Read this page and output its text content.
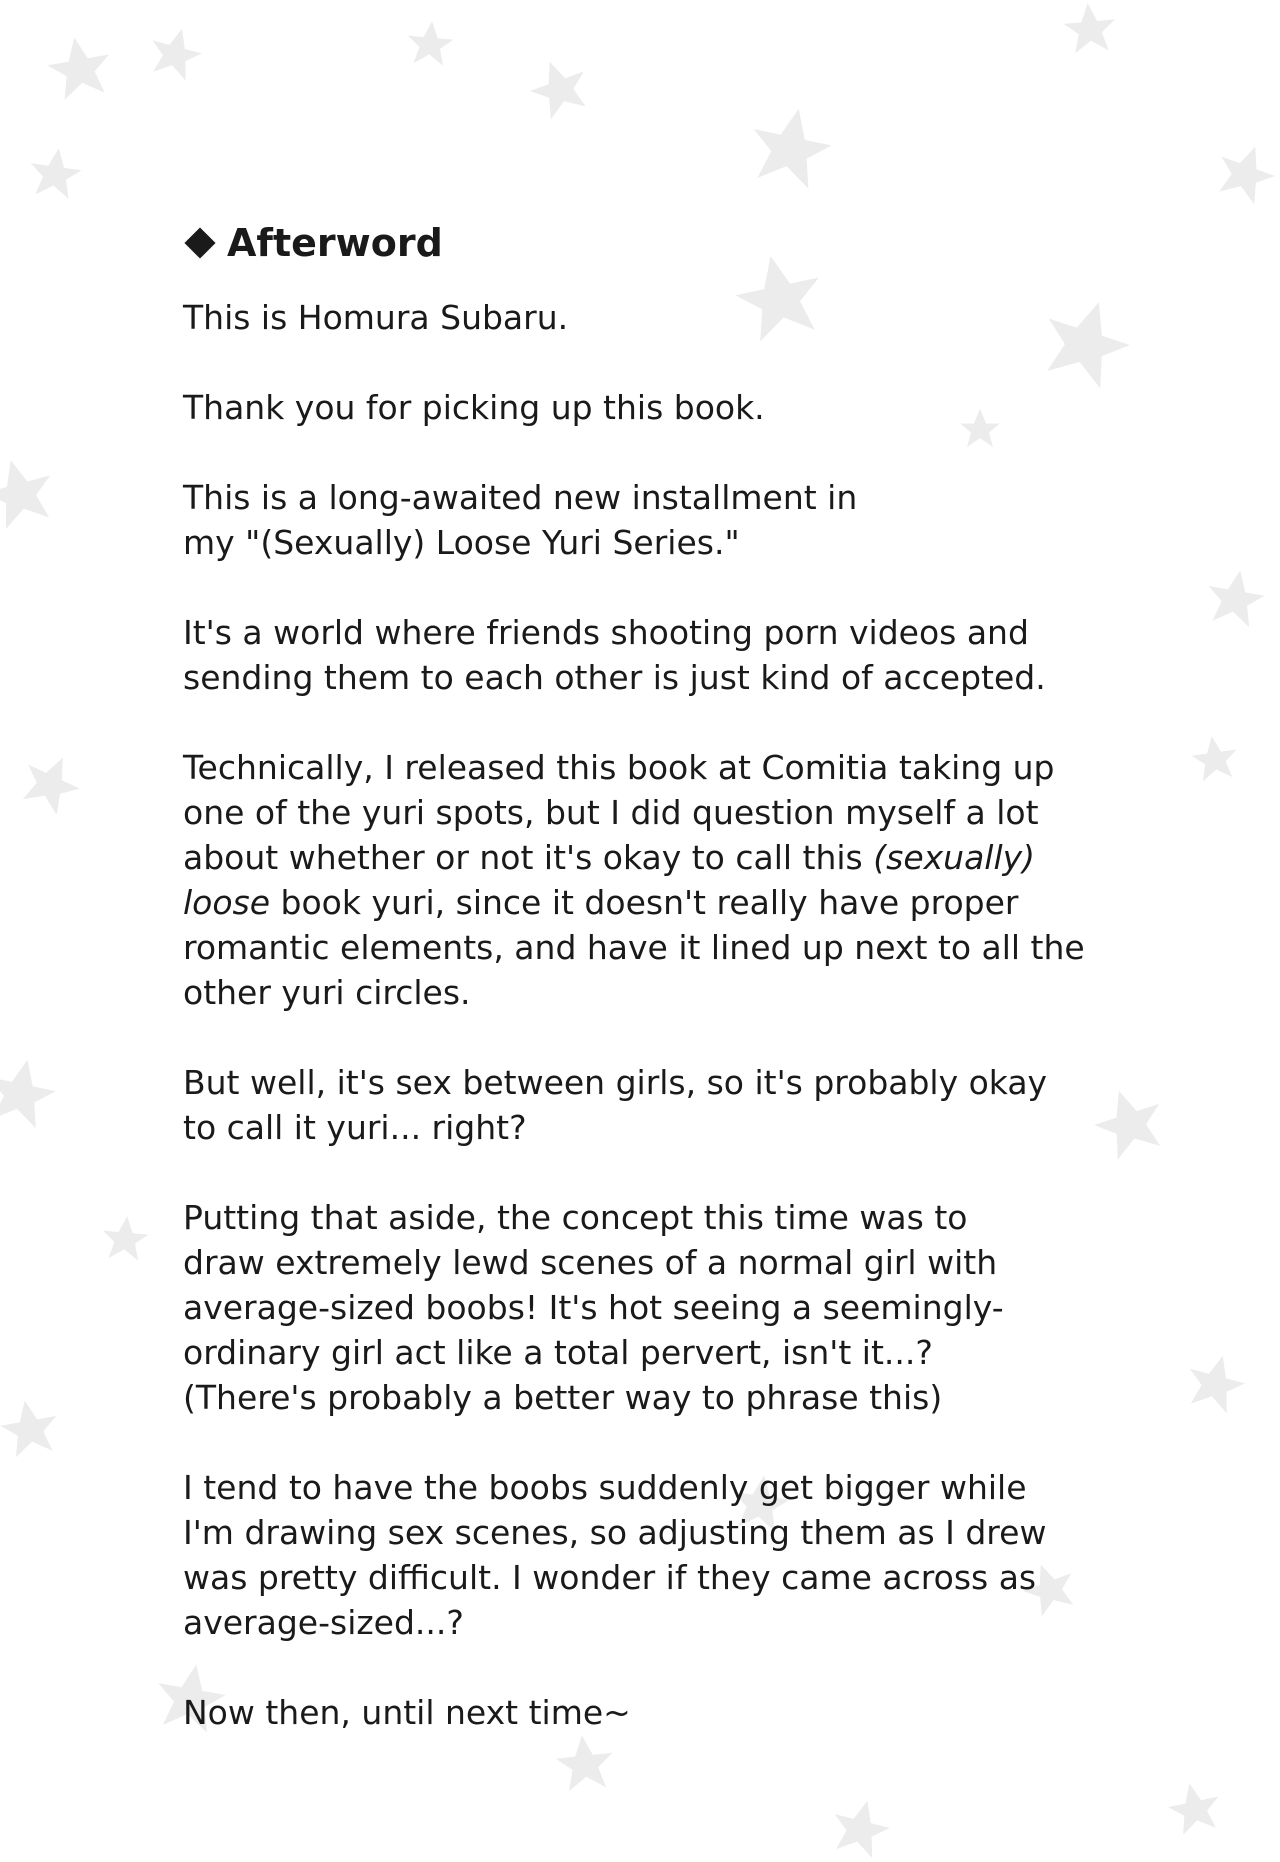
Afterword

This is Homura Subaru.

Thank you for picking up this book.

This is a long-awaited new installment in
my "(Sexually) Loose Yuri Series."

It's a world where friends shooting porn videos and
sending them to each other is just kind of accepted.

Technically, I released this book at Comitia taking up
one of the yuri spots, but I did question myself a lot
about whether or not it's okay to call this (sexually)
loose book yuri, since it doesn't really have proper
romantic elements, and have it lined up next to all the
other yuri circles.

But well, it's sex between girls, so it's probably okay
to call it yuri... right?

Putting that aside, the concept this time was to
draw extremely lewd scenes of a normal girl with
average-sized boobs! It's hot seeing a seemingly-
ordinary girl act like a total pervert, isn't it...?
(There's probably a better way to phrase this)

I tend to have the boobs suddenly get bigger while
I'm drawing sex scenes, so adjusting them as I drew
was pretty difficult. I wonder if they came across as
average-sized...?

Now then, until next time~
